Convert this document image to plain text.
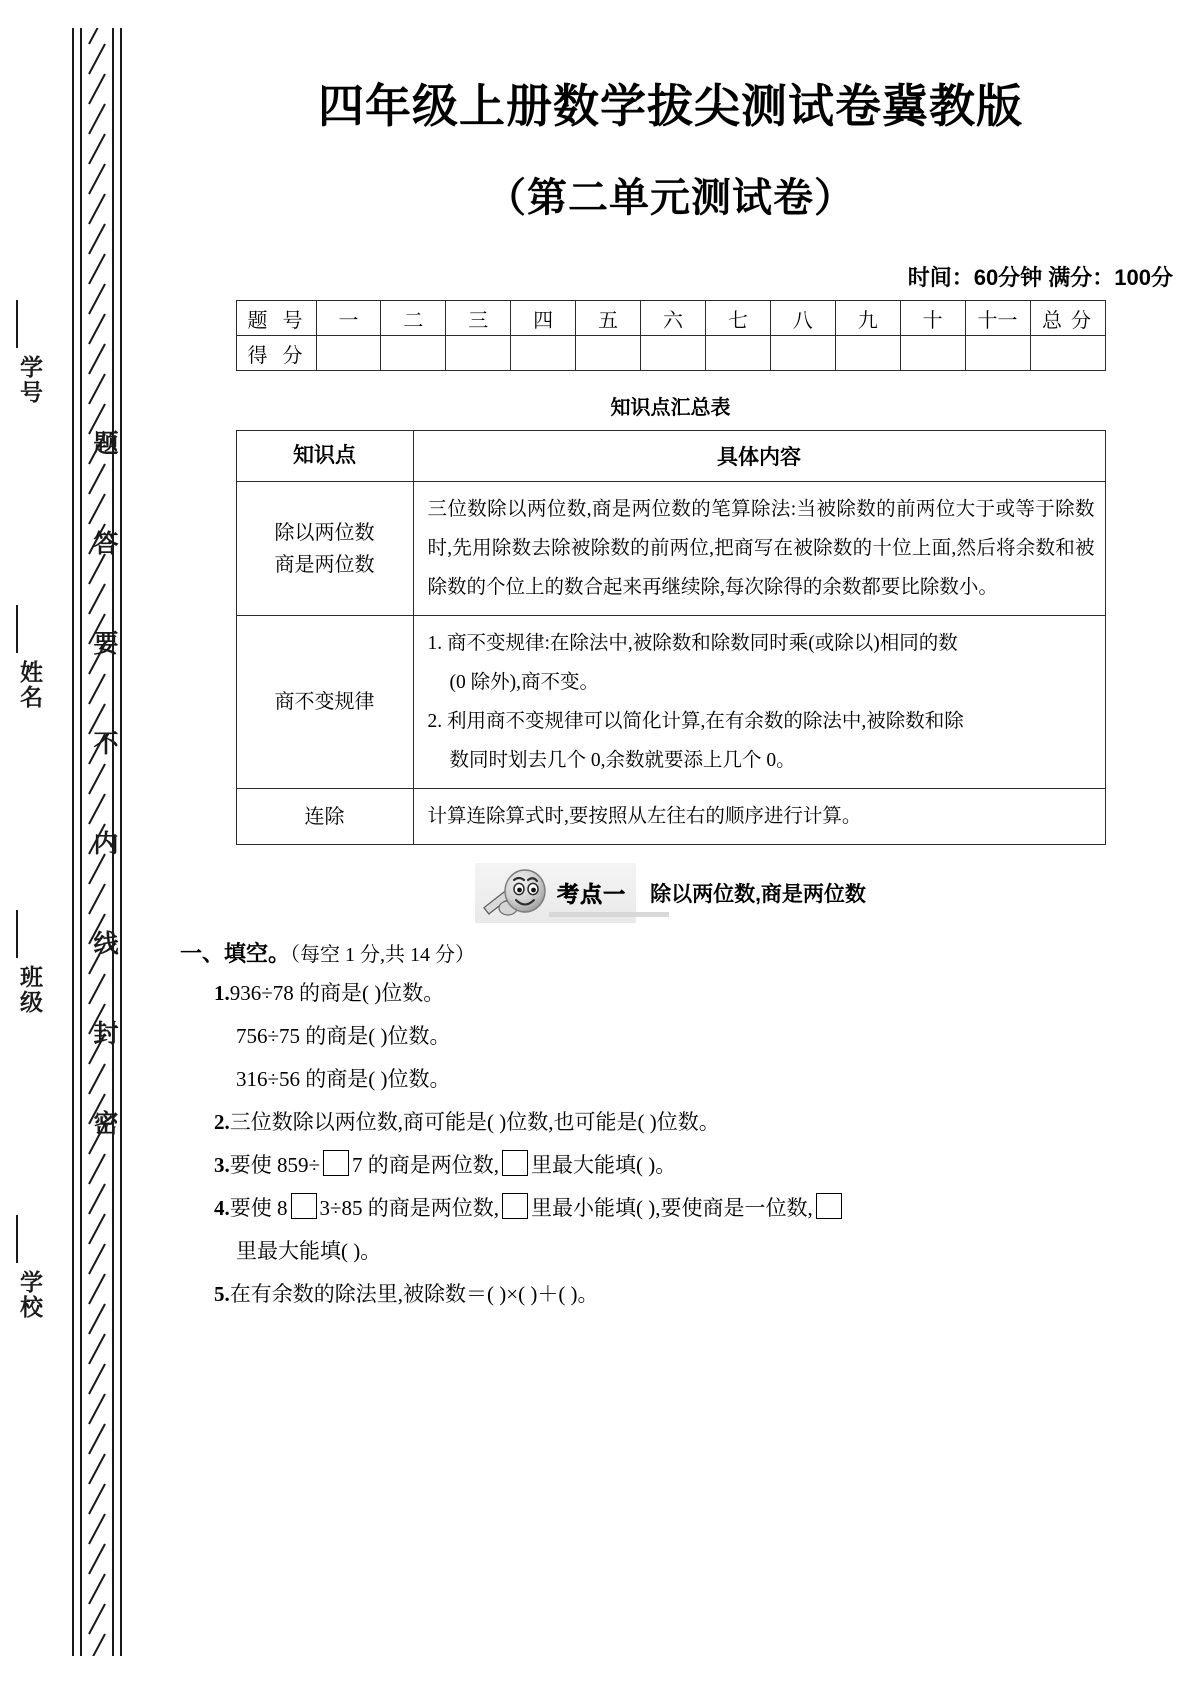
学号
姓名
班级
学校
题
答
要
不
内
线
封
密
四年级上册数学拔尖测试卷冀教版
（第二单元测试卷）
时间：60分钟 满分：100分
题 号	一	二	三	四	五	六	七	八	九	十	十一	总 分
得 分												
知识点汇总表
知识点	具体内容

除以两位数
商是两位数	三位数除以两位数,商是两位数的笔算除法:当被除数的前两位大于或等于除数时,先用除数去除被除数的前两位,把商写在被除数的十位上面,然后将余数和被除数的个位上的数合起来再继续除,每次除得的余数都要比除数小。

商不变规律	1. 商不变规律:在除法中,被除数和除数同时乘(或除以)相同的数

(0 除外),商不变。

2. 利用商不变规律可以简化计算,在有余数的除法中,被除数和除

数同时划去几个 0,余数就要添上几个 0。

连除	计算连除算式时,要按照从左往右的顺序进行计算。

考点一 除以两位数,商是两位数
一、填空。（每空 1 分,共 14 分）
1.936÷78 的商是( )位数。
756÷75 的商是( )位数。
316÷56 的商是( )位数。
2.三位数除以两位数,商可能是( )位数,也可能是( )位数。
3.要使 859÷ 7 的商是两位数, 里最大能填( )。
4.要使 8 3÷85 的商是两位数, 里最小能填( ),要使商是一位数,
里最大能填( )。
5.在有余数的除法里,被除数＝( )×( )＋( )。
